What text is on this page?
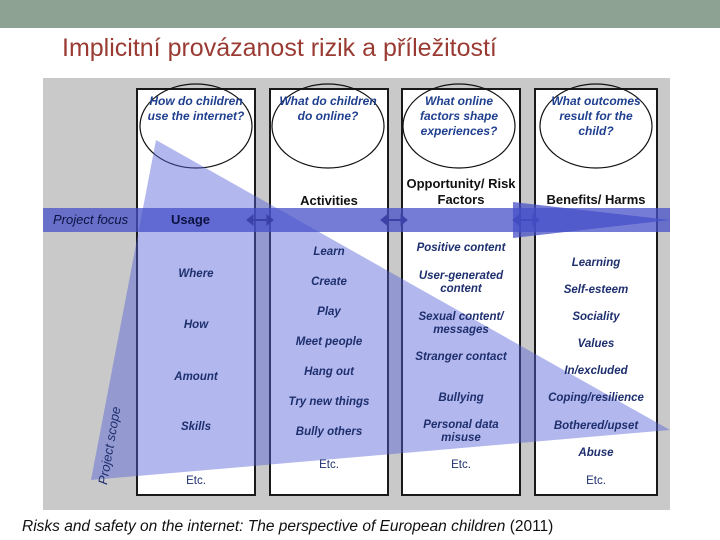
Implicitní provázanost rizik a příležitostí
Project focus
How do children use the internet?
What do children do online?
What online factors shape experiences?
What outcomes result for the child?
Usage
Activities
Opportunity/ Risk Factors	Benefits/ Harms
Where
How
Amount
Skills
Etc.
Learn
Create
Play
Meet people
Hang out
Try new things
Bully others
Etc.
Positive content
User-generated content
Sexual content/ messages
Stranger contact
Bullying
Personal data misuse
Etc.
Learning
Self-esteem
Sociality
Values
In/excluded
Coping/resilience
Bothered/upset
Abuse
Etc.
Project scope
Risks and safety on the internet: The perspective of European children (2011)
